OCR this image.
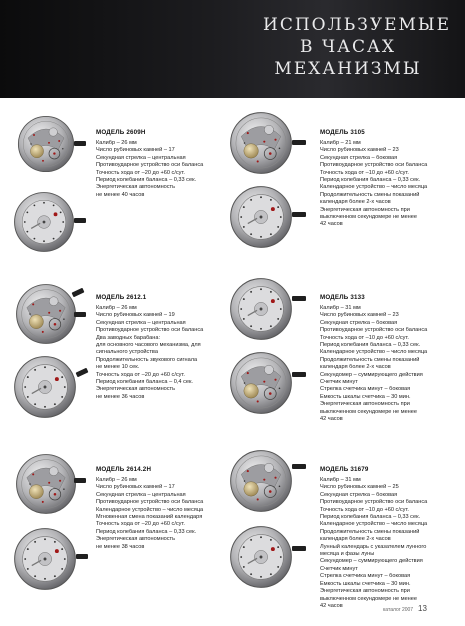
ИСПОЛЬЗУЕМЫЕ
В ЧАСАХ
МЕХАНИЗМЫ
МОДЕЛЬ 2609Н
Калибр – 26 мм
Число рубиновых камней – 17
Секундная стрелка – центральная
Противоударное устройство оси баланса
Точность хода от –20 до +60 с/сут.
Период колебания баланса – 0,33 сек.
Энергетическая автономность
не менее 40 часов
МОДЕЛЬ 3105
Калибр – 21 мм
Число рубиновых камней – 23
Секундная стрелка – боковая
Противоударное устройство оси баланса
Точность хода от –10 до +60 с/сут.
Период колебания баланса – 0,33 сек.
Календарное устройство – число месяца
Продолжительность смены показаний
календаря более 2-х часов
Энергетическая автономность при
выключенном секундомере не менее
42 часов
МОДЕЛЬ 2612.1
Калибр – 26 мм
Число рубиновых камней – 19
Секундная стрелка – центральная
Противоударное устройство оси баланса
Два заводных барабана:
для основного часового механизма, для
сигнального устройства
Продолжительность звукового сигнала
не менее 10 сек.
Точность хода от –20 до +60 с/сут.
Период колебания баланса – 0,4 сек.
Энергетическая автономность
не менее 36 часов
МОДЕЛЬ 3133
Калибр – 31 мм
Число рубиновых камней – 23
Секундная стрелка – боковая
Противоударное устройство оси баланса
Точность хода от –10 до +60 с/сут.
Период колебания баланса – 0,33 сек.
Календарное устройство – число месяца
Продолжительность смены показаний
календаря более 2-х часов
Секундомер – суммирующего действия
Счетчик минут
Стрелка счетчика минут – боковая
Емкость шкалы счетчика – 30 мин.
Энергетическая автономность при
выключенном секундомере не менее
42 часов
МОДЕЛЬ 2614.2Н
Калибр – 26 мм
Число рубиновых камней – 17
Секундная стрелка – центральная
Противоударное устройство оси баланса
Календарное устройство – число месяца
Мгновенная смена показаний календаря
Точность хода от –20 до +60 с/сут.
Период колебания баланса – 0,33 сек.
Энергетическая автономность
не менее 38 часов
МОДЕЛЬ 31679
Калибр – 31 мм
Число рубиновых камней – 25
Секундная стрелка – боковая
Противоударное устройство оси баланса
Точность хода от –10 до +60 с/сут.
Период колебания баланса – 0,33 сек.
Календарное устройство – число месяца
Продолжительность смены показаний
календаря более 2-х часов
Лунный календарь с указателем лунного
месяца и фазы луны
Секундомер – суммирующего действия
Счетчик минут
Стрелка счетчика минут – боковая
Емкость шкалы счетчика – 30 мин.
Энергетическая автономность при
выключенном секундомере не менее
42 часов
каталог 2007 13
